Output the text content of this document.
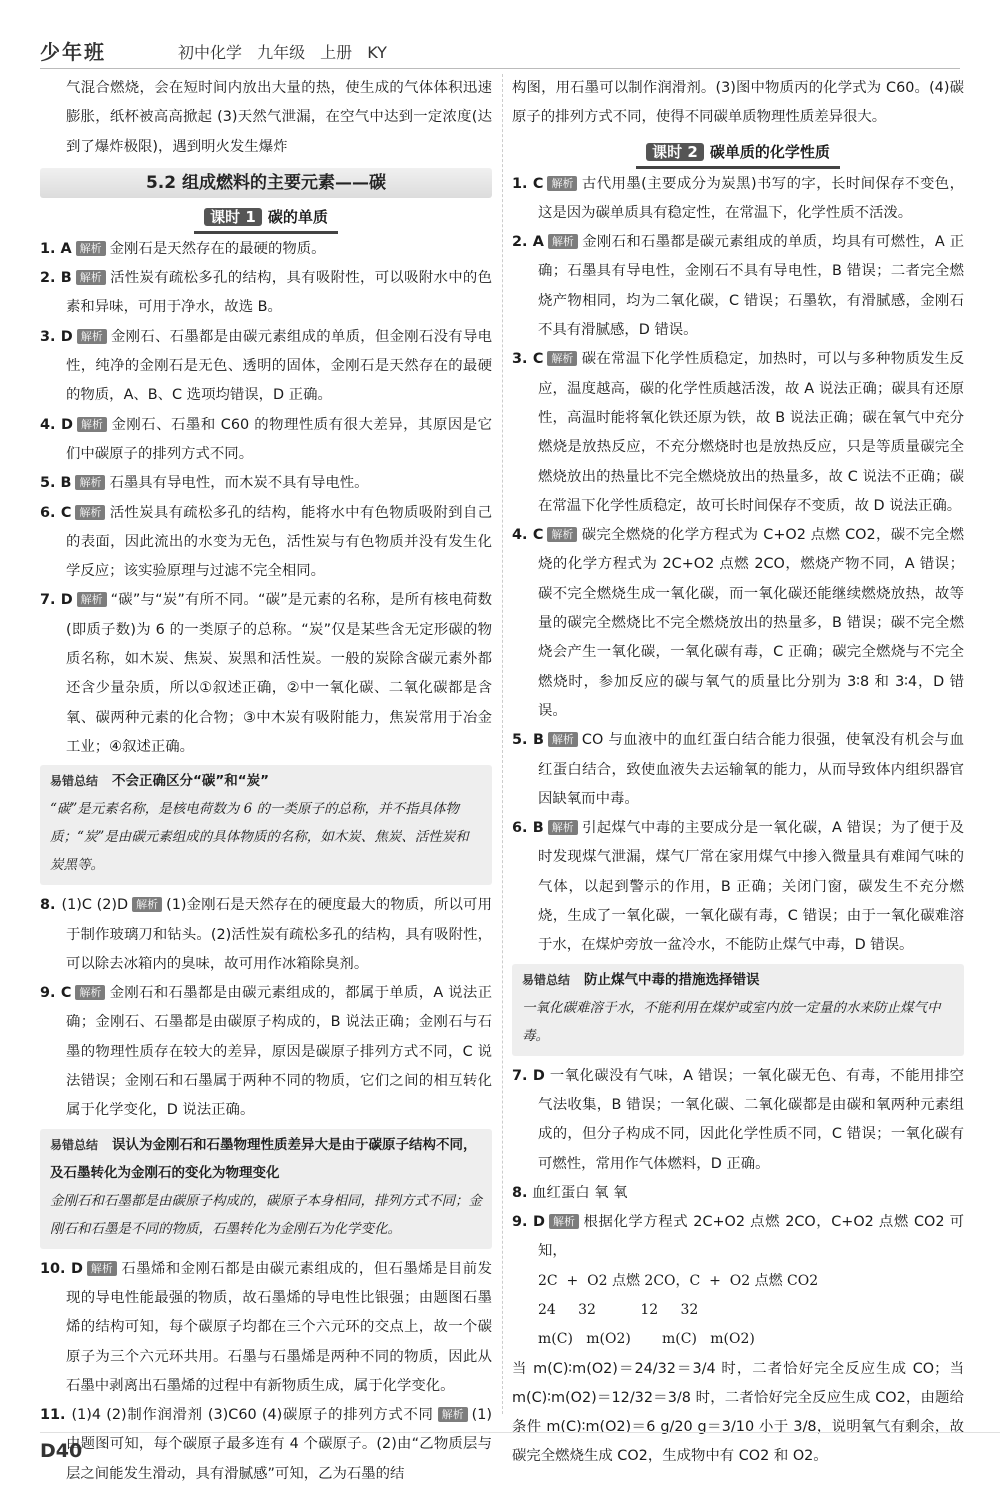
少年班	初中化学 九年级 上册 KY

气混合燃烧，会在短时间内放出大量的热，使生成的气体体积迅速膨胀，纸杯被高高掀起 (3)天然气泄漏，在空气中达到一定浓度(达到了爆炸极限)，遇到明火发生爆炸

5.2 组成燃料的主要元素——碳
课时 1 碳的单质

1. A 解析 金刚石是天然存在的最硬的物质。

2. B 解析 活性炭有疏松多孔的结构，具有吸附性，可以吸附水中的色素和异味，可用于净水，故选 B。

3. D 解析 金刚石、石墨都是由碳元素组成的单质，但金刚石没有导电性，纯净的金刚石是无色、透明的固体，金刚石是天然存在的最硬的物质，A、B、C 选项均错误，D 正确。

4. D 解析 金刚石、石墨和 C60 的物理性质有很大差异，其原因是它们中碳原子的排列方式不同。

5. B 解析 石墨具有导电性，而木炭不具有导电性。

6. C 解析 活性炭具有疏松多孔的结构，能将水中有色物质吸附到自己的表面，因此流出的水变为无色，活性炭与有色物质并没有发生化学反应；该实验原理与过滤不完全相同。

7. D 解析 “碳”与“炭”有所不同。“碳”是元素的名称，是所有核电荷数(即质子数)为 6 的一类原子的总称。“炭”仅是某些含无定形碳的物质名称，如木炭、焦炭、炭黑和活性炭。一般的炭除含碳元素外都还含少量杂质，所以①叙述正确，②中一氧化碳、二氧化碳都是含氧、碳两种元素的化合物；③中木炭有吸附能力，焦炭常用于冶金工业；④叙述正确。

易错总结 不会正确区分“碳”和“炭”
“碳”是元素名称，是核电荷数为 6 的一类原子的总称，并不指具体物质；“炭”是由碳元素组成的具体物质的名称，如木炭、焦炭、活性炭和炭黑等。

8. (1)C (2)D 解析 (1)金刚石是天然存在的硬度最大的物质，所以可用于制作玻璃刀和钻头。(2)活性炭有疏松多孔的结构，具有吸附性，可以除去冰箱内的臭味，故可用作冰箱除臭剂。

9. C 解析 金刚石和石墨都是由碳元素组成的，都属于单质，A 说法正确；金刚石、石墨都是由碳原子构成的，B 说法正确；金刚石与石墨的物理性质存在较大的差异，原因是碳原子排列方式不同，C 说法错误；金刚石和石墨属于两种不同的物质，它们之间的相互转化属于化学变化，D 说法正确。

易错总结 误认为金刚石和石墨物理性质差异大是由于碳原子结构不同，及石墨转化为金刚石的变化为物理变化
金刚石和石墨都是由碳原子构成的，碳原子本身相同，排列方式不同；金刚石和石墨是不同的物质，石墨转化为金刚石为化学变化。

10. D 解析 石墨烯和金刚石都是由碳元素组成的，但石墨烯是目前发现的导电性能最强的物质，故石墨烯的导电性比银强；由题图石墨烯的结构可知，每个碳原子均都在三个六元环的交点上，故一个碳原子为三个六元环共用。石墨与石墨烯是两种不同的物质，因此从石墨中剥离出石墨烯的过程中有新物质生成，属于化学变化。

11. (1)4 (2)制作润滑剂 (3)C60 (4)碳原子的排列方式不同 解析 (1)由题图可知，每个碳原子最多连有 4 个碳原子。(2)由“乙物质层与层之间能发生滑动，具有滑腻感”可知，乙为石墨的结

构图，用石墨可以制作润滑剂。(3)图中物质丙的化学式为 C60。(4)碳原子的排列方式不同，使得不同碳单质物理性质差异很大。

课时 2 碳单质的化学性质

1. C 解析 古代用墨(主要成分为炭黑)书写的字，长时间保存不变色，这是因为碳单质具有稳定性，在常温下，化学性质不活泼。

2. A 解析 金刚石和石墨都是碳元素组成的单质，均具有可燃性，A 正确；石墨具有导电性，金刚石不具有导电性，B 错误；二者完全燃烧产物相同，均为二氧化碳，C 错误；石墨软，有滑腻感，金刚石不具有滑腻感，D 错误。

3. C 解析 碳在常温下化学性质稳定，加热时，可以与多种物质发生反应，温度越高，碳的化学性质越活泼，故 A 说法正确；碳具有还原性，高温时能将氧化铁还原为铁，故 B 说法正确；碳在氧气中充分燃烧是放热反应，不充分燃烧时也是放热反应，只是等质量碳完全燃烧放出的热量比不完全燃烧放出的热量多，故 C 说法不正确；碳在常温下化学性质稳定，故可长时间保存不变质，故 D 说法正确。

4. C 解析 碳完全燃烧的化学方程式为 C+O2 点燃 CO2，碳不完全燃烧的化学方程式为 2C+O2 点燃 2CO，燃烧产物不同，A 错误；碳不完全燃烧生成一氧化碳，而一氧化碳还能继续燃烧放热，故等量的碳完全燃烧比不完全燃烧放出的热量多，B 错误；碳不完全燃烧会产生一氧化碳，一氧化碳有毒，C 正确；碳完全燃烧与不完全燃烧时，参加反应的碳与氧气的质量比分别为 3∶8 和 3∶4，D 错误。

5. B 解析 CO 与血液中的血红蛋白结合能力很强，使氧没有机会与血红蛋白结合，致使血液失去运输氧的能力，从而导致体内组织器官因缺氧而中毒。

6. B 解析 引起煤气中毒的主要成分是一氧化碳，A 错误；为了便于及时发现煤气泄漏，煤气厂常在家用煤气中掺入微量具有难闻气味的气体，以起到警示的作用，B 正确；关闭门窗，碳发生不充分燃烧，生成了一氧化碳，一氧化碳有毒，C 错误；由于一氧化碳难溶于水，在煤炉旁放一盆冷水，不能防止煤气中毒，D 错误。

易错总结 防止煤气中毒的措施选择错误
一氧化碳难溶于水，不能利用在煤炉或室内放一定量的水来防止煤气中毒。

7. D 一氧化碳没有气味，A 错误；一氧化碳无色、有毒，不能用排空气法收集，B 错误；一氧化碳、二氧化碳都是由碳和氧两种元素组成的，但分子构成不同，因此化学性质不同，C 错误；一氧化碳有可燃性，常用作气体燃料，D 正确。

8. 血红蛋白 氧 氧

9. D 解析 根据化学方程式 2C+O2 点燃 2CO，C+O2 点燃 CO2 可知，

2C  +  O2 点燃 2CO，C  +  O2 点燃 CO2
24     32          12     32
m(C)   m(O2)       m(C)   m(O2)

当 m(C)∶m(O2)＝24/32＝3/4 时，二者恰好完全反应生成 CO；当 m(C)∶m(O2)＝12/32＝3/8 时，二者恰好完全反应生成 CO2，由题给条件 m(C)∶m(O2)＝6 g/20 g＝3/10 小于 3/8，说明氧气有剩余，故碳完全燃烧生成 CO2，生成物中有 CO2 和 O2。

D40
